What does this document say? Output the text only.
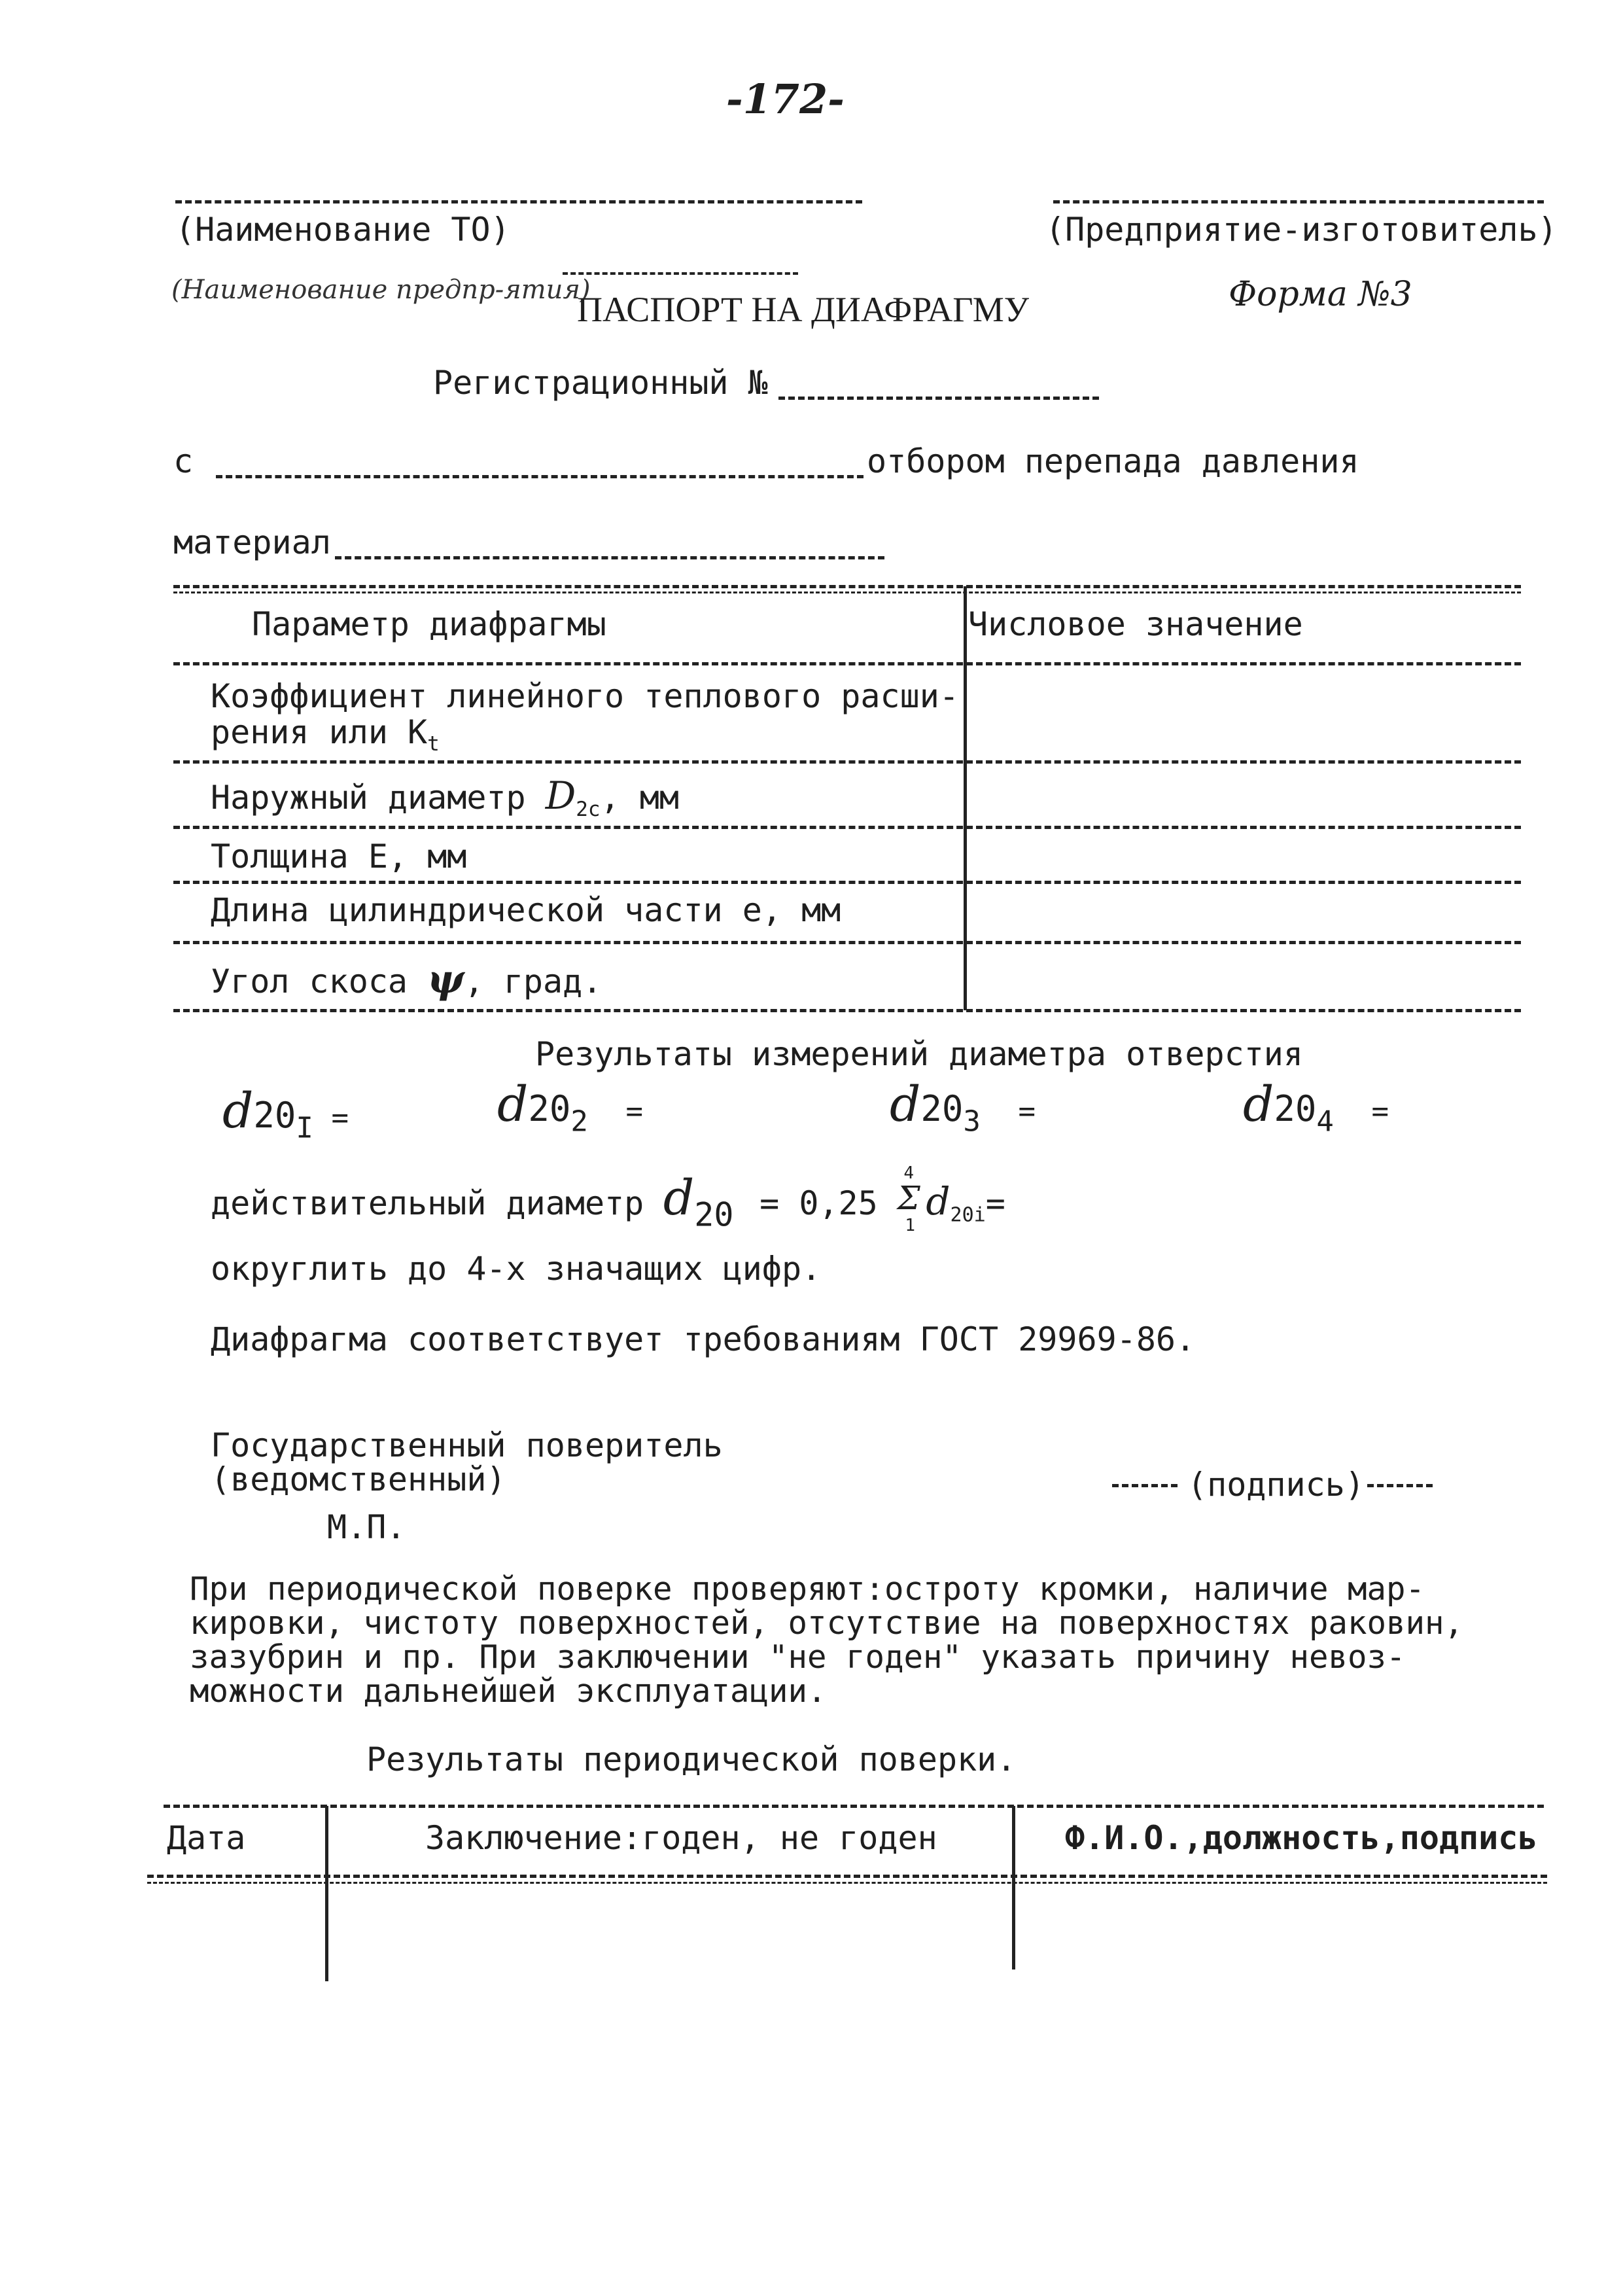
-172-
(Наименование ТО)	(Предприятие-изготовитель)
(Наименование предпр-ятия)
ПАСПОРТ НА ДИАФРАГМУ	Форма №3
Регистрационный №
с	отбором перепада давления
материал
Параметр диафрагмы	Числовое значение
Коэффициент линейного теплового расши-
рения или $K_t$
Наружный диаметр $D_{2c}$, мм
Толщина E, мм
Длина цилиндрической части e, мм
Угол скоса ψ, град.
Результаты измерений диаметра отверстия
d20I =	d202 =	d203 =	d204 =
действительный диаметр d20 = 0,25
4
Σ
1
d20i=
округлить до 4-х значащих цифр.
Диафрагма соответствует требованиям ГОСТ 29969-86.
Государственный поверитель
(ведомственный)
М.П.
(подпись)
При периодической поверке проверяют:остроту кромки, наличие мар-
кировки, чистоту поверхностей, отсутствие на поверхностях раковин,
зазубрин и пр. При заключении "не годен" указать причину невоз-
можности дальнейшей эксплуатации.
Результаты периодической поверки.
Дата	Заключение:годен, не годен	Ф.И.О.,должность,подпись
